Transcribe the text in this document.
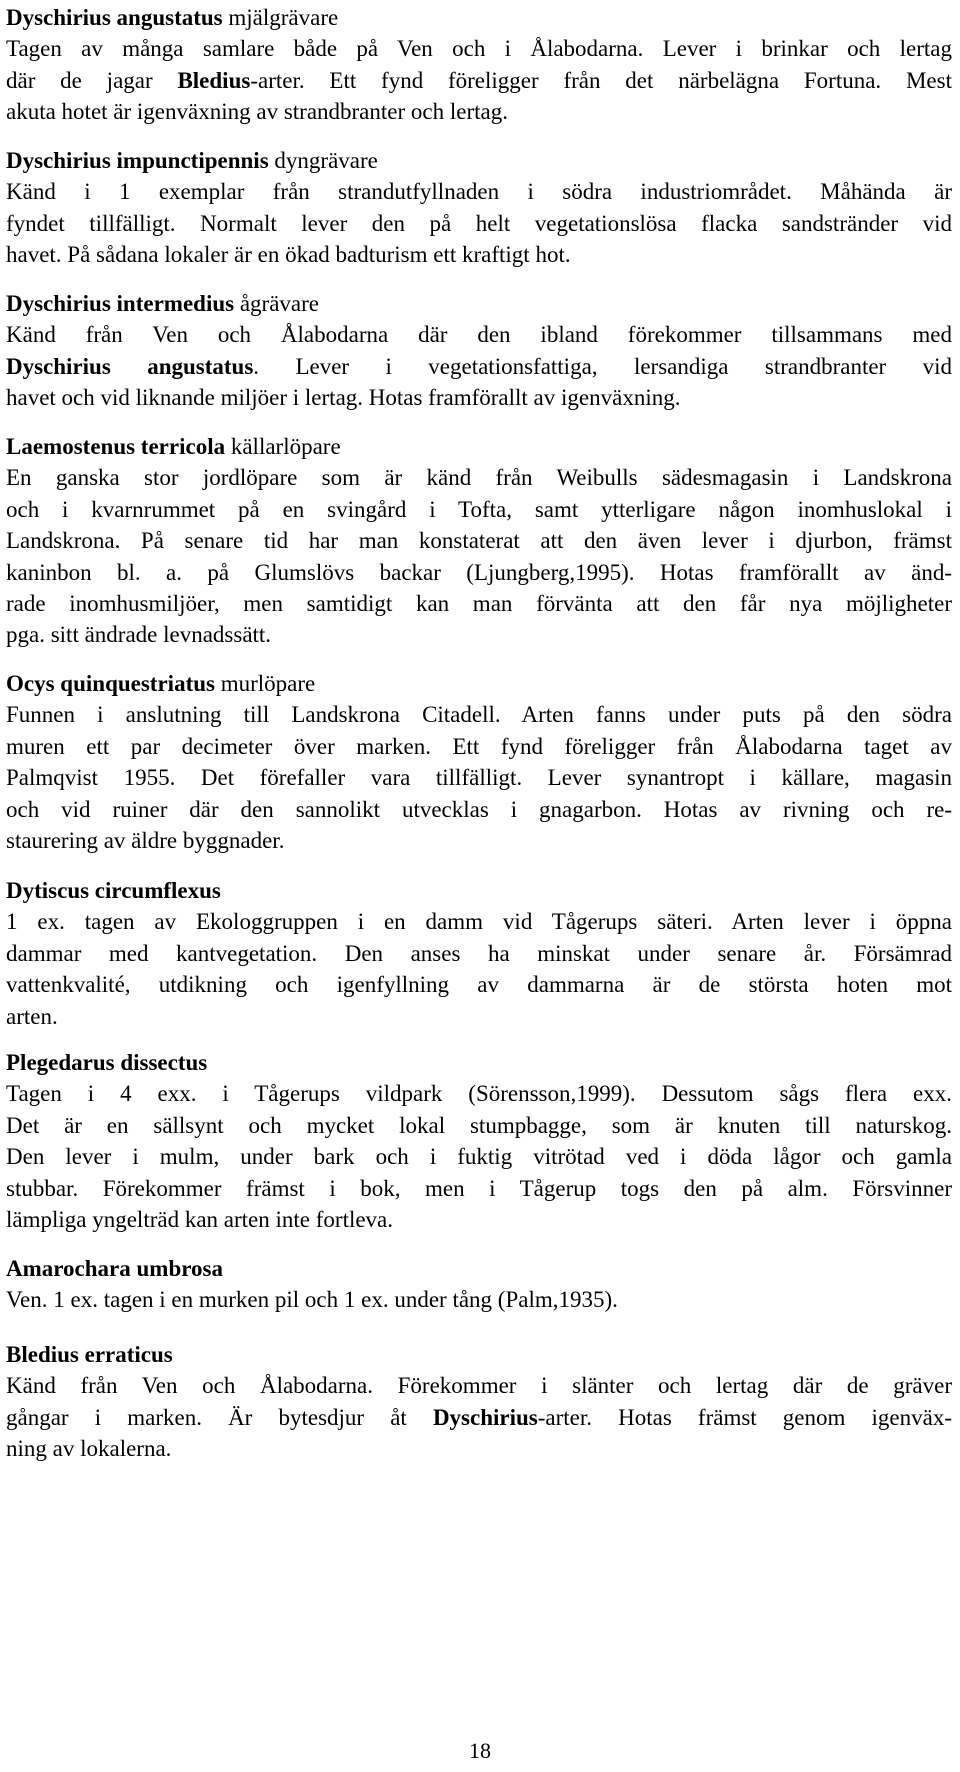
Dyschirius angustatus mjälgrävare
Tagen av många samlare både på Ven och i Ålabodarna. Lever i brinkar och lertag
där de jagar Bledius-arter. Ett fynd föreligger från det närbelägna Fortuna. Mest
akuta hotet är igenväxning av strandbranter och lertag.
Dyschirius impunctipennis dyngrävare
Känd i 1 exemplar från strandutfyllnaden i södra industriområdet. Måhända är
fyndet tillfälligt. Normalt lever den på helt vegetationslösa flacka sandstränder vid
havet. På sådana lokaler är en ökad badturism ett kraftigt hot.
Dyschirius intermedius ågrävare
Känd från Ven och Ålabodarna där den ibland förekommer tillsammans med
Dyschirius angustatus. Lever i vegetationsfattiga, lersandiga strandbranter vid
havet och vid liknande miljöer i lertag. Hotas framförallt av igenväxning.
Laemostenus terricola källarlöpare
En ganska stor jordlöpare som är känd från Weibulls sädesmagasin i Landskrona
och i kvarnrummet på en svingård i Tofta, samt ytterligare någon inomhuslokal i
Landskrona. På senare tid har man konstaterat att den även lever i djurbon, främst
kaninbon bl. a. på Glumslövs backar (Ljungberg,1995). Hotas framförallt av änd-
rade inomhusmiljöer, men samtidigt kan man förvänta att den får nya möjligheter
pga. sitt ändrade levnadssätt.
Ocys quinquestriatus murlöpare
Funnen i anslutning till Landskrona Citadell. Arten fanns under puts på den södra
muren ett par decimeter över marken. Ett fynd föreligger från Ålabodarna taget av
Palmqvist 1955. Det förefaller vara tillfälligt. Lever synantropt i källare, magasin
och vid ruiner där den sannolikt utvecklas i gnagarbon. Hotas av rivning och re-
staurering av äldre byggnader.
Dytiscus circumflexus
1 ex. tagen av Ekologgruppen i en damm vid Tågerups säteri. Arten lever i öppna
dammar med kantvegetation. Den anses ha minskat under senare år. Försämrad
vattenkvalité, utdikning och igenfyllning av dammarna är de största hoten mot
arten.
Plegedarus dissectus
Tagen i 4 exx. i Tågerups vildpark (Sörensson,1999). Dessutom sågs flera exx.
Det är en sällsynt och mycket lokal stumpbagge, som är knuten till naturskog.
Den lever i mulm, under bark och i fuktig vitrötad ved i döda lågor och gamla
stubbar. Förekommer främst i bok, men i Tågerup togs den på alm. Försvinner
lämpliga yngelträd kan arten inte fortleva.
Amarochara umbrosa
Ven. 1 ex. tagen i en murken pil och 1 ex. under tång (Palm,1935).
Bledius erraticus
Känd från Ven och Ålabodarna. Förekommer i slänter och lertag där de gräver
gångar i marken. Är bytesdjur åt Dyschirius-arter. Hotas främst genom igenväx-
ning av lokalerna.
18
